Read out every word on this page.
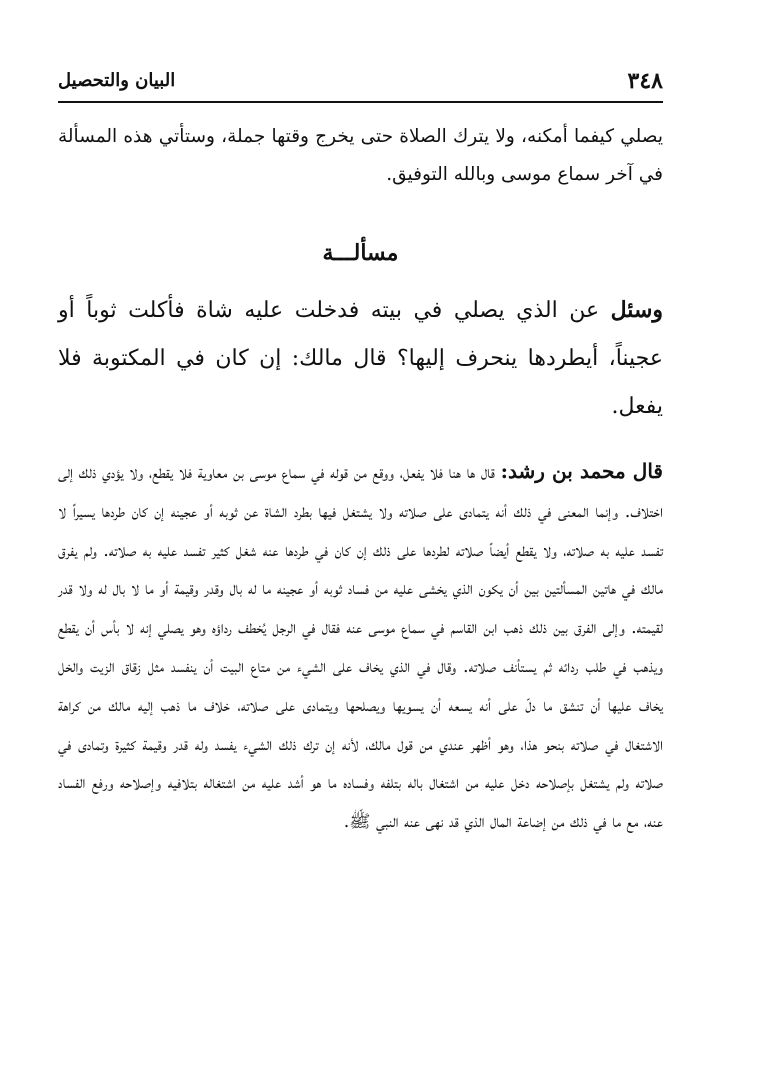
٣٤٨
البيان والتحصيل

يصلي كيفما أمكنه، ولا يترك الصلاة حتى يخرج وقتها جملة، وستأتي هذه المسألة في آخر سماع موسى وبالله التوفيق.

مسألـــة

وسئل عن الذي يصلي في بيته فدخلت عليه شاة فأكلت ثوباً أو عجيناً، أيطردها ينحرف إليها؟ قال مالك: إن كان في المكتوبة فلا يفعل.

قال محمد بن رشد: قال ها هنا فلا يفعل، ووقع من قوله في سماع موسى بن معاوية فلا يقطع، ولا يؤدي ذلك إلى اختلاف. وإنما المعنى في ذلك أنه يتمادى على صلاته ولا يشتغل فيها بطرد الشاة عن ثوبه أو عجينه إن كان طردها يسيراً لا تفسد عليه به صلاته، ولا يقطع أيضاً صلاته لطردها على ذلك إن كان في طردها عنه شغل كثير تفسد عليه به صلاته. ولم يفرق مالك في هاتين المسألتين بين أن يكون الذي يخشى عليه من فساد ثوبه أو عجينه ما له بال وقدر وقيمة أو ما لا بال له ولا قدر لقيمته. وإلى الفرق بين ذلك ذهب ابن القاسم في سماع موسى عنه فقال في الرجل يُخطف رداؤه وهو يصلي إنه لا بأس أن يقطع ويذهب في طلب ردائه ثم يستأنف صلاته. وقال في الذي يخاف على الشيء من متاع البيت أن ينفسد مثل زقاق الزيت والخل يخاف عليها أن تنشق ما دلّ على أنه يسعه أن يسويها ويصلحها ويتمادى على صلاته، خلاف ما ذهب إليه مالك من كراهة الاشتغال في صلاته بنحو هذا، وهو أظهر عندي من قول مالك، لأنه إن ترك ذلك الشيء يفسد وله قدر وقيمة كثيرة وتمادى في صلاته ولم يشتغل بإصلاحه دخل عليه من اشتغال باله بتلفه وفساده ما هو أشد عليه من اشتغاله بتلافيه وإصلاحه ورفع الفساد عنه، مع ما في ذلك من إضاعة المال الذي قد نهى عنه النبي ﷺ.
